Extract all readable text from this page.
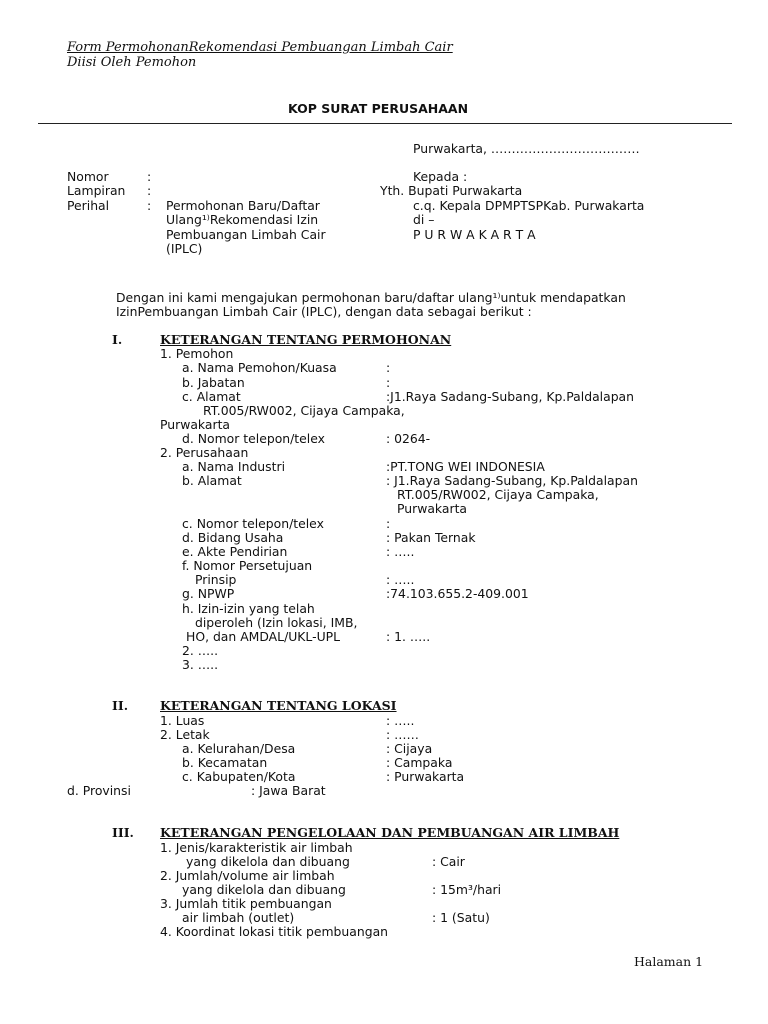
Form PermohonanRekomendasi Pembuangan Limbah Cair
Diisi Oleh Pemohon
KOP SURAT PERUSAHAAN
Purwakarta, ………………………………
Nomor	:
Lampiran :
Perihal	: Permohonan Baru/Daftar
Ulang¹⁾Rekomendasi Izin
Pembuangan Limbah Cair
(IPLC)
Kepada :
Yth. Bupati Purwakarta
c.q. Kepala DPMPTSPKab. Purwakarta
di –
P U R W A K A R T A
Dengan ini kami mengajukan permohonan baru/daftar ulang¹⁾untuk mendapatkan
IzinPembuangan Limbah Cair (IPLC), dengan data sebagai berikut :
I.	KETERANGAN TENTANG PERMOHONAN
1. Pemohon
a. Nama Pemohon/Kuasa	:
b. Jabatan	:
c. Alamat	:J1.Raya Sadang-Subang, Kp.Paldalapan
RT.005/RW002, Cijaya Campaka,
Purwakarta
d. Nomor telepon/telex	: 0264-
2. Perusahaan
a. Nama Industri	:PT.TONG WEI INDONESIA
b. Alamat	: J1.Raya Sadang-Subang, Kp.Paldalapan
RT.005/RW002, Cijaya Campaka,
Purwakarta
c. Nomor telepon/telex	:
d. Bidang Usaha	: Pakan Ternak
e. Akte Pendirian	: …..
f. Nomor Persetujuan
Prinsip	: …..
g. NPWP	:74.103.655.2-409.001
h. Izin-izin yang telah
diperoleh (Izin lokasi, IMB,
HO, dan AMDAL/UKL-UPL	: 1. …..
2. …..
3. …..
II.	KETERANGAN TENTANG LOKASI
1. Luas	: …..
2. Letak	: ……
a. Kelurahan/Desa	: Cijaya
b. Kecamatan	: Campaka
c. Kabupaten/Kota	: Purwakarta
d. Provinsi	: Jawa Barat
III. KETERANGAN PENGELOLAAN DAN PEMBUANGAN AIR LIMBAH
1. Jenis/karakteristik air limbah
yang dikelola dan dibuang	: Cair
2. Jumlah/volume air limbah
yang dikelola dan dibuang	: 15m³/hari
3. Jumlah titik pembuangan
air limbah (outlet)	: 1 (Satu)
4. Koordinat lokasi titik pembuangan
Halaman 1
